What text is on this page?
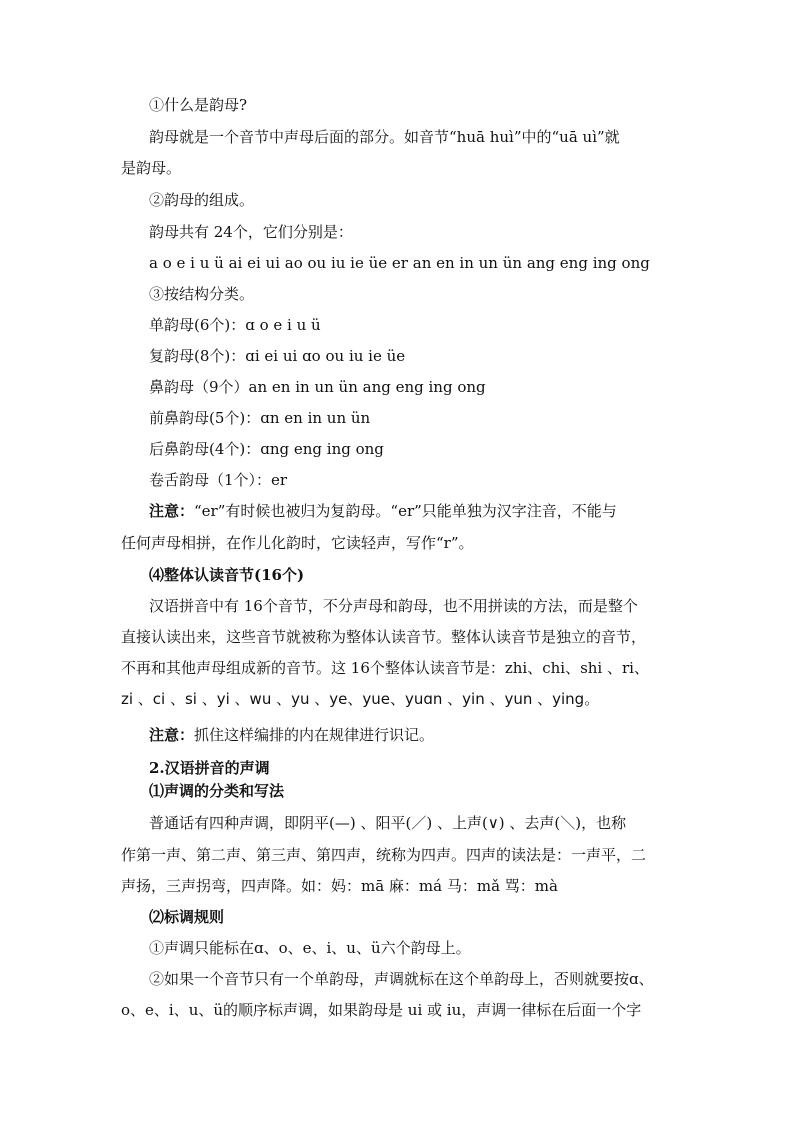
①什么是韵母?
韵母就是一个音节中声母后面的部分。如音节“huā huì”中的“uā uì”就
是韵母。
②韵母的组成。
韵母共有 24个，它们分别是：
a o e i u ü ai ei ui ao ou iu ie üe er an en in un ün ang eng ing ong
③按结构分类。
单韵母(6个)：ɑ o e i u ü
复韵母(8个)：ɑi ei ui ɑo ou iu ie üe
鼻韵母（9个）an en in un ün ang eng ing ong
前鼻韵母(5个)：ɑn en in un ün
后鼻韵母(4个)：ɑng eng ing ong
卷舌韵母（1个）：er
注意：“er”有时候也被归为复韵母。“er”只能单独为汉字注音，不能与
任何声母相拼，在作儿化韵时，它读轻声，写作“r”。
⑷整体认读音节(16个)
汉语拼音中有 16个音节，不分声母和韵母，也不用拼读的方法，而是整个
直接认读出来，这些音节就被称为整体认读音节。整体认读音节是独立的音节，
不再和其他声母组成新的音节。这 16个整体认读音节是：zhi、chi、shi 、ri、
zi 、ci 、si 、yi 、wu 、yu 、ye、yue、yuɑn 、yin 、yun 、ying。
注意：抓住这样编排的内在规律进行识记。
2.汉语拼音的声调
⑴声调的分类和写法
普通话有四种声调，即阴平(—) 、阳平(／) 、上声(∨) 、去声(＼)，也称
作第一声、第二声、第三声、第四声，统称为四声。四声的读法是：一声平，二
声扬，三声拐弯，四声降。如：妈：mā 麻：má 马：mǎ 骂：mà
⑵标调规则
①声调只能标在ɑ、o、e、i、u、ü六个韵母上。
②如果一个音节只有一个单韵母，声调就标在这个单韵母上，否则就要按ɑ、
o、e、i、u、ü的顺序标声调，如果韵母是 ui 或 iu，声调一律标在后面一个字
